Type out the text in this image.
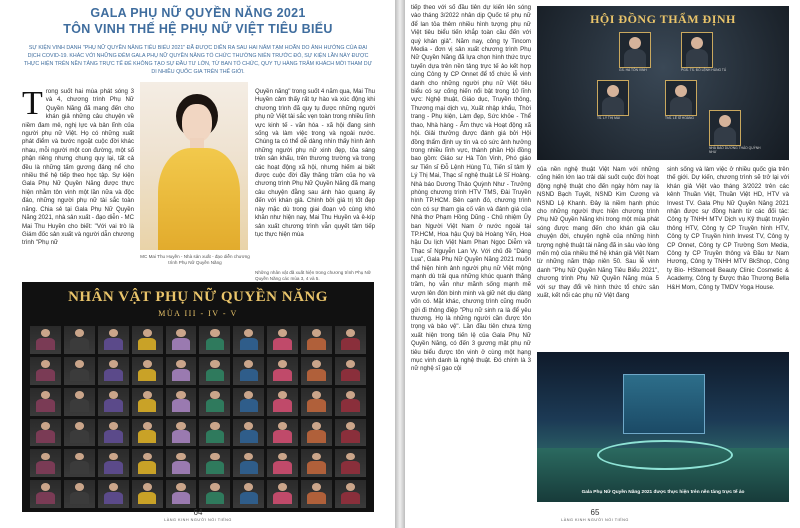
GALA PHỤ NỮ QUYỀN NĂNG 2021
TÔN VINH THẾ HỆ PHỤ NỮ VIỆT TIÊU BIỂU
SỰ KIỆN VINH DANH "PHỤ NỮ QUYỀN NĂNG TIÊU BIỂU 2021" ĐÃ ĐƯỢC DIỄN RA SAU HAI NĂM TẠM HOÃN DO ẢNH HƯỞNG CỦA ĐẠI DỊCH COVID-19. KHÁC VỚI NHỮNG ĐÊM GALA PHỤ NỮ QUYỀN NĂNG TỔ CHỨC THƯỜNG NIÊN TRƯỚC ĐÓ, SỰ KIỆN LẦN NÀY ĐƯỢC THỰC HIỆN TRÊN NỀN TẢNG TRỰC TẾ ĐỂ KHÔNG TẠO SỰ ĐẦU TƯ LỚN, TỪ BAN TỔ CHỨC, QUY TỤ HÀNG TRĂM KHÁCH MỜI THAM DỰ DI NHIỀU QUỐC GIA TRÊN THẾ GIỚI.
Trong suốt hai mùa phát sóng 3 và 4, chương trình Phụ Nữ Quyền Năng đã mang đến cho khán giả những câu chuyện về niềm đam mê, nghị lực và bản lĩnh của người phụ nữ Việt. Họ có những xuất phát điểm và bước ngoặt cuộc đời khác nhau, mỗi người một con đường, một số phận riêng nhưng chung quy lại, tất cả đều là những tấm gương đáng nể cho nhiều thế hệ tiếp theo học tập. Sự kiện Gala Phụ Nữ Quyền Năng được thực hiện nhằm tôn vinh một lần nữa và độc đáo, những người phụ nữ tài sắc toàn năng. Chia sẻ tại Gala Phụ Nữ Quyền Năng 2021, nhà sản xuất - đạo diễn - MC Mai Thu Huyền cho biết: "Với vai trò là Giám đốc sản xuất và người dẫn chương trình "Phụ nữ
MC Mai Thu Huyền - Nhà sản xuất - đạo diễn chương trình Phụ Nữ Quyền Năng
Quyền năng" trong suốt 4 năm qua, Mai Thu Huyền cảm thấy rất tự hào và xúc động khi chương trình đã quy tụ được những người phụ nữ Việt tài sắc vẹn toàn trong nhiều lĩnh vực kinh tế - văn hóa - xã hội đang sinh sống và làm việc trong và ngoài nước. Chúng ta có thể dễ dàng nhìn thấy hình ảnh những người phụ nữ xinh đẹp, tỏa sáng trên sân khấu, trên thương trường và trong các hoạt động xã hội, nhưng hiếm ai biết được cuộc đời đầy thăng trầm của họ và chương trình Phụ Nữ Quyền Năng đã mang câu chuyện đằng sau ánh hào quang ấy đến với khán giả. Chính bởi giá trị tốt đẹp này mặc dù trong giai đoạn vô cùng khó khăn như hiện nay, Mai Thu Huyền và ê-kíp sản xuất chương trình vẫn quyết tâm tiếp tục thực hiện mùa
Những nhân vật đã xuất hiện trong chương trình Phụ Nữ Quyền Năng các mùa 3, 4 và 5.
NHÂN VẬT PHỤ NỮ QUYỀN NĂNG
MÙA III - IV - V
64
LÀNG KINH NGƯỜI NỔI TIẾNG
tiếp theo với số đầu tiên dự kiến lên sóng vào tháng 3/2022 nhân dịp Quốc tế phụ nữ để lan tỏa thêm nhiều hình tượng phụ nữ Việt tiêu biểu tiến khắp toàn cầu đến với quý khán giả". Năm nay, công ty Tincom Media - đơn vị sản xuất chương trình Phụ Nữ Quyền Năng đã lựa chọn hình thức trực tuyến dựa trên nền tảng trực tế ảo kết hợp cùng Công ty CP Onnet để tổ chức lễ vinh danh cho những người phụ nữ Việt tiêu biểu có sự cống hiến nổi bật trong 10 lĩnh vực: Nghệ thuật, Giáo dục, Truyền thông, Thương mại dịch vụ, Xuất nhập khẩu, Thời trang - Phụ kiện, Làm đẹp, Sức khỏe - Thể thao, Nhà hàng - Ẩm thực và Hoạt động xã hội. Giải thưởng được đánh giá bởi Hội đồng thẩm định uy tín và có sức ảnh hưởng trong nhiều lĩnh vực, thành phần Hội đồng bao gồm: Giáo sư Hà Tôn Vinh, Phó giáo sư Tiến sĩ Đỗ Lệnh Hùng Tú, Tiến sĩ tâm lý Lý Thị Mai, Thạc sĩ nghệ thuật Lê Sĩ Hoàng. Nhà báo Dương Thảo Quỳnh Như - Trưởng phòng chương trình HTV TMS, Đài Truyền hình TP.HCM. Bên cạnh đó, chương trình còn có sự tham gia cố vấn và đánh giá của Nhà thơ Phạm Hồng Dũng - Chủ nhiệm Ủy ban Người Việt Nam ở nước ngoài tại TP.HCM, Hoa hậu Quý bà Hoàng Yến, Hoa hậu Du lịch Việt Nam Phan Ngọc Diễm và Thạc sĩ Nguyễn Lan Vy. Với chủ đề "Dáng Lụa", Gala Phụ Nữ Quyền Năng 2021 muốn thể hiện hình ảnh người phụ nữ Việt mộng mạnh dù trải qua những khúc quanh thăng trầm, họ vẫn như mãnh sống mạnh mẽ vượn lên đón bình minh và giữ nét dịu dàng vốn có. Mặt khác, chương trình cũng muốn gửi đi thông điệp "Phụ nữ sinh ra là để yêu thương. Họ là những người cần được tôn trọng và bảo vệ". Lần đầu tiên chưa từng xuất hiện trong tiến lệ của Gala Phụ Nữ Quyền Năng, có đến 3 gương mặt phụ nữ tiêu biểu được tôn vinh ở cùng một hạng mục vinh danh là nghệ thuật. Đó chính là 3 nữ nghệ sĩ gạo cội
HỘI ĐỒNG THẨM ĐỊNH
GS. HÀ TÔN VINH	PGS. TS. ĐỖ LỆNH HÙNG TÚ
TS. LÝ THỊ MAI	ThS. LÊ SĨ HOÀNG
NHÀ BÁO DƯƠNG THẢO QUỲNH NHƯ
của nền nghệ thuật Việt Nam với những cống hiến lớn lao trải dài suốt cuộc đời hoạt động nghệ thuật cho đến ngày hôm nay là NSND Bạch Tuyết, NSND Kim Cương và NSND Lệ Khanh. Đây là niềm hạnh phúc cho những người thực hiện chương trình Phụ Nữ Quyền Năng khi trong một mùa phát sóng được mang đến cho khán giả câu chuyện đời, chuyện nghề của những hình tượng nghệ thuật tài năng đã in sâu vào lòng mến mộ của nhiều thế hệ khán giả Việt Nam từ những năm thập niên 50. Sau lễ vinh danh "Phụ Nữ Quyền Năng Tiêu Biểu 2021", chương trình Phụ Nữ Quyền Năng mùa 5 với sự thay đổi về hình thức tổ chức sản xuất, kết nối các phụ nữ Việt đang
sinh sống và làm việc ở nhiều quốc gia trên thế giới. Dự kiến, chương trình sẽ trở lại với khán giả Việt vào tháng 3/2022 trên các kênh Thuần Việt, Thuần Việt HD, HTV và Invest TV. Gala Phụ Nữ Quyền Năng 2021 nhận được sự đồng hành từ các đối tác: Công ty TNHH MTV Dịch vụ Kỹ thuật truyền thông HTV, Công ty CP Truyền hình HTV, Công ty CP Truyền hình Invest TV, Công ty CP Onnet, Công ty CP Trường Sơn Media, Công ty CP Truyền thông và Đầu tư Nam Hương, Công ty TNHH MTV BkShop, Công ty Bio- HStemcell Beauty Clinic Cosmetic & Academy, Công ty Được thảo Thương Bella H&H Mom, Công ty TMDV Yoga House.
Gala Phụ Nữ Quyền Năng 2021 được thực hiện trên nền tảng trực tế ảo
65
LÀNG KINH NGƯỜI NỔI TIẾNG
